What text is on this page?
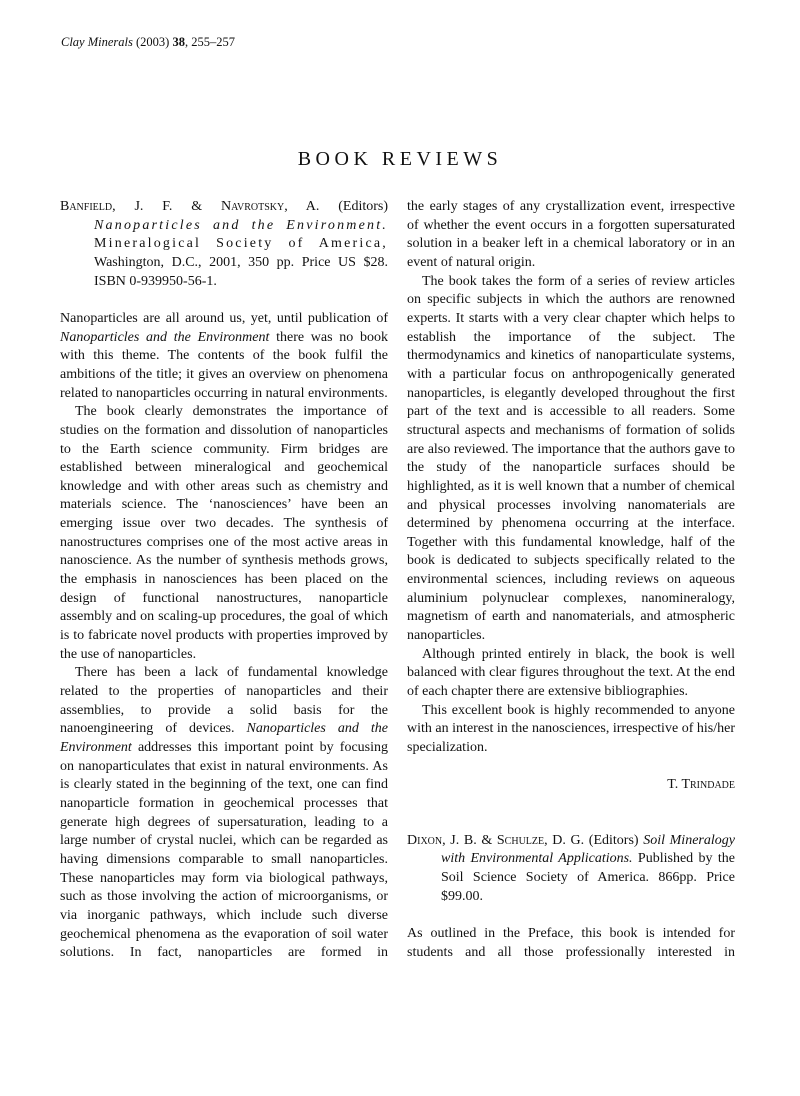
Clay Minerals (2003) 38, 255–257
BOOK REVIEWS

Banfield, J. F. & Navrotsky, A. (Editors) Nanoparticles and the Environment. Mineralogical Society of America, Washington, D.C., 2001, 350 pp. Price US $28. ISBN 0-939950-56-1.

Nanoparticles are all around us, yet, until publication of Nanoparticles and the Environment there was no book with this theme. The contents of the book fulfil the ambitions of the title; it gives an overview on phenomena related to nanoparticles occurring in natural environments.

The book clearly demonstrates the importance of studies on the formation and dissolution of nanoparticles to the Earth science community. Firm bridges are established between mineralogical and geochemical knowledge and with other areas such as chemistry and materials science. The ‘nanosciences’ have been an emerging issue over two decades. The synthesis of nanostructures comprises one of the most active areas in nanoscience. As the number of synthesis methods grows, the emphasis in nanosciences has been placed on the design of functional nanostructures, nanoparticle assembly and on scaling-up procedures, the goal of which is to fabricate novel products with properties improved by the use of nanoparticles.

There has been a lack of fundamental knowledge related to the properties of nanoparticles and their assemblies, to provide a solid basis for the nanoengineering of devices. Nanoparticles and the Environment addresses this important point by focusing on nanoparticulates that exist in natural environments. As is clearly stated in the beginning of the text, one can find nanoparticle formation in geochemical processes that generate high degrees of supersaturation, leading to a large number of crystal nuclei, which can be regarded as having dimensions comparable to small nanoparticles. These nanoparticles may form via biological pathways, such as those involving the action of microorganisms, or via inorganic pathways, which include such diverse geochemical phenomena as the evaporation of soil water solutions. In fact, nanoparticles are formed in

the early stages of any crystallization event, irrespective of whether the event occurs in a forgotten supersaturated solution in a beaker left in a chemical laboratory or in an event of natural origin.

The book takes the form of a series of review articles on specific subjects in which the authors are renowned experts. It starts with a very clear chapter which helps to establish the importance of the subject. The thermodynamics and kinetics of nanoparticulate systems, with a particular focus on anthropogenically generated nanoparticles, is elegantly developed throughout the first part of the text and is accessible to all readers. Some structural aspects and mechanisms of formation of solids are also reviewed. The importance that the authors gave to the study of the nanoparticle surfaces should be highlighted, as it is well known that a number of chemical and physical processes involving nanomaterials are determined by phenomena occurring at the interface. Together with this fundamental knowledge, half of the book is dedicated to subjects specifically related to the environmental sciences, including reviews on aqueous aluminium polynuclear complexes, nanomineralogy, magnetism of earth and nanomaterials, and atmospheric nanoparticles.

Although printed entirely in black, the book is well balanced with clear figures throughout the text. At the end of each chapter there are extensive bibliographies.

This excellent book is highly recommended to anyone with an interest in the nanosciences, irrespective of his/her specialization.

T. Trindade

Dixon, J. B. & Schulze, D. G. (Editors) Soil Mineralogy with Environmental Applications. Published by the Soil Science Society of America. 866pp. Price $99.00.

As outlined in the Preface, this book is intended for students and all those professionally interested in
